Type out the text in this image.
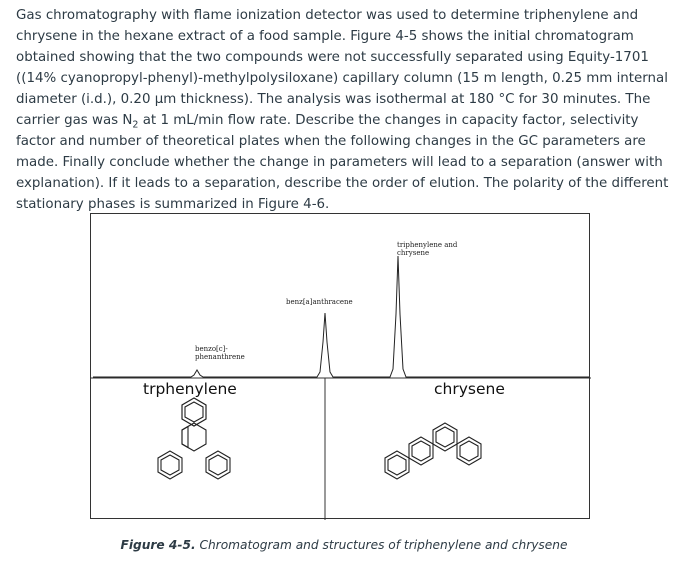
Gas chromatography with flame ionization detector was used to determine triphenylene and chrysene in the hexane extract of a food sample. Figure 4-5 shows the initial chromatogram obtained showing that the two compounds were not successfully separated using Equity-1701 ((14% cyanopropyl-phenyl)-methylpolysiloxane) capillary column (15 m length, 0.25 mm internal diameter (i.d.), 0.20 µm thickness). The analysis was isothermal at 180 °C for 30 minutes. The carrier gas was $N_2$ at 1 mL/min flow rate. Describe the changes in capacity factor, selectivity factor and number of theoretical plates when the following changes in the GC parameters are made. Finally conclude whether the change in parameters will lead to a separation (answer with explanation). If it leads to a separation, describe the order of elution. The polarity of the different stationary phases is summarized in Figure 4-6.

benzo[c]-
phenanthrene
benz[a]anthracene
triphenylene and
chrysene
trphenylene	chrysene
Figure 4-5. Chromatogram and structures of triphenylene and chrysene
